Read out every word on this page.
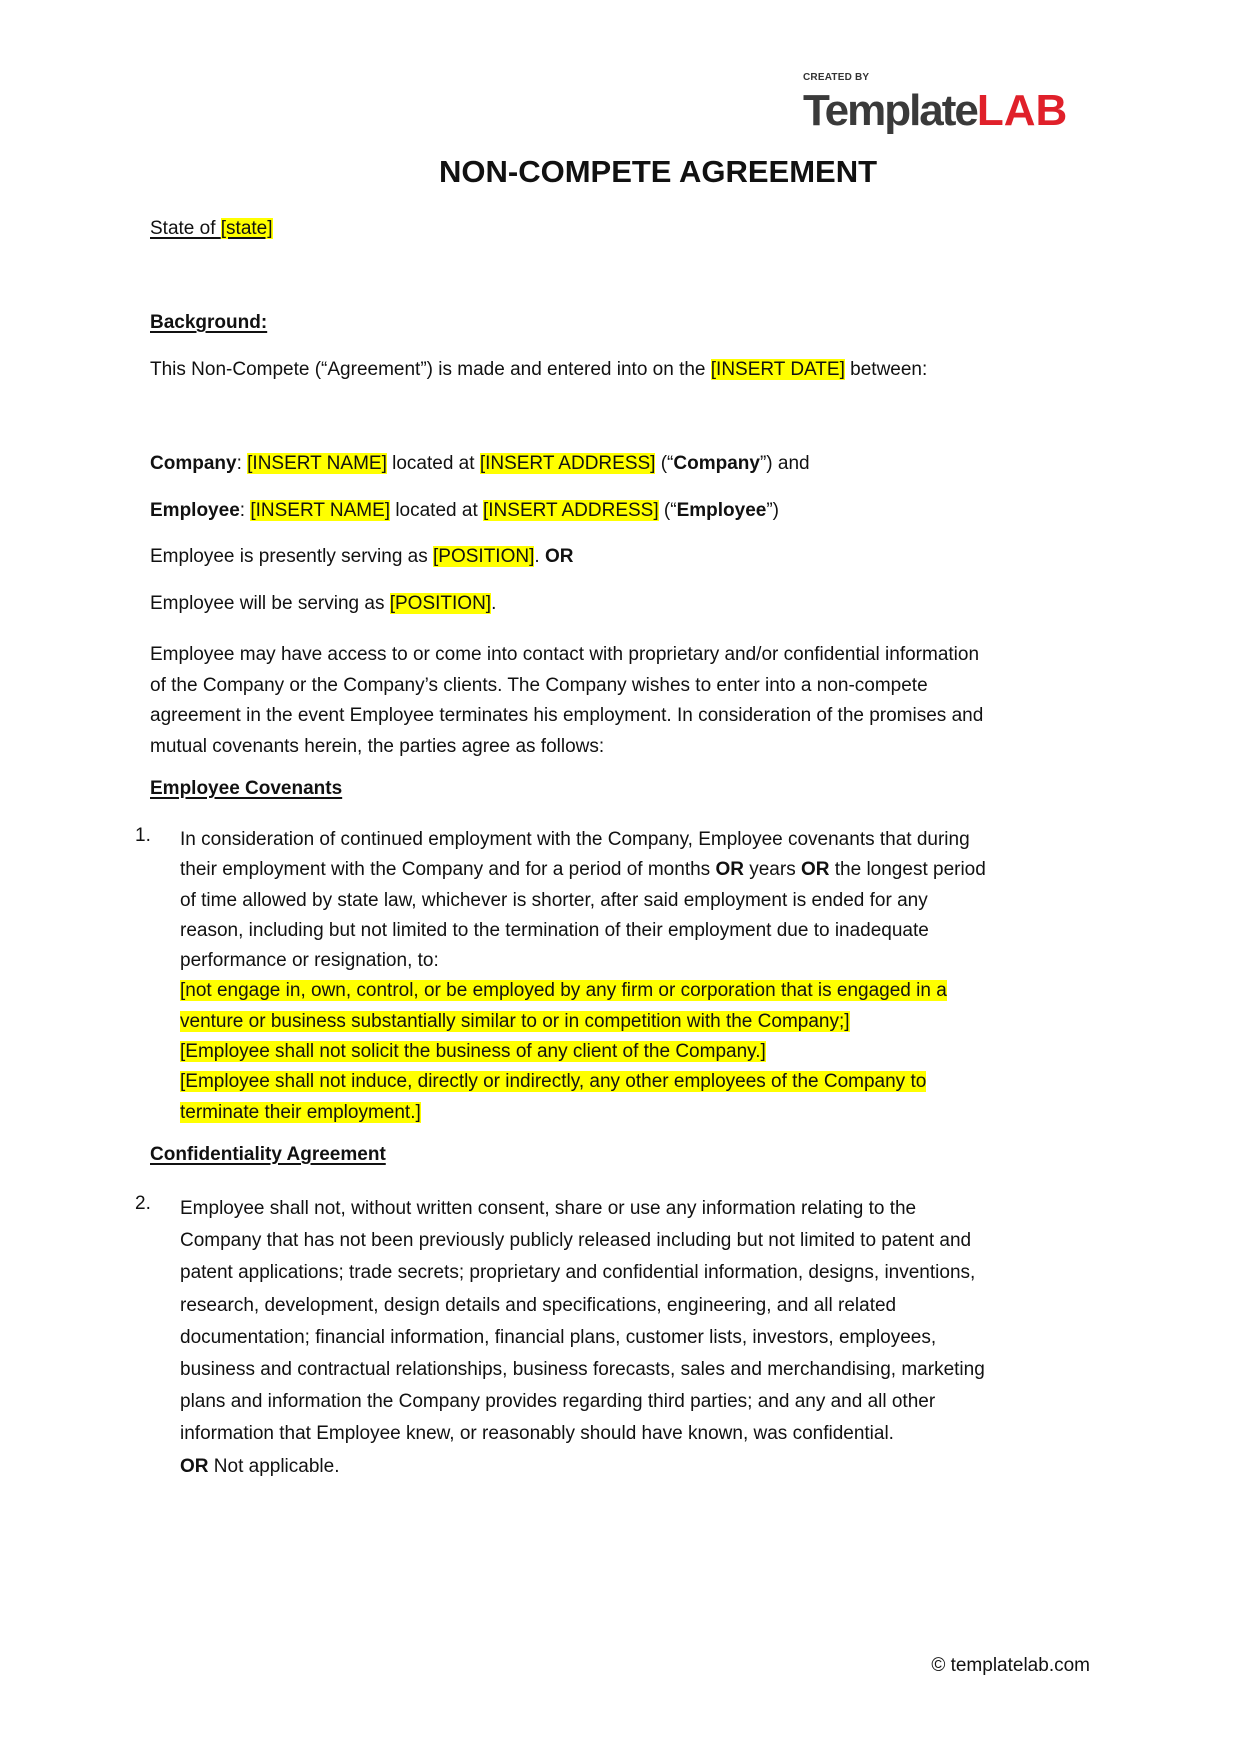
CREATED BY
TemplateLAB
NON-COMPETE AGREEMENT
State of [state]
Background:
This Non-Compete (“Agreement”) is made and entered into on the [INSERT DATE] between:
Company: [INSERT NAME] located at [INSERT ADDRESS] (“Company”) and
Employee: [INSERT NAME] located at [INSERT ADDRESS] (“Employee”)
Employee is presently serving as [POSITION]. OR
Employee will be serving as [POSITION].
Employee may have access to or come into contact with proprietary and/or confidential information
of the Company or the Company’s clients. The Company wishes to enter into a non-compete
agreement in the event Employee terminates his employment. In consideration of the promises and
mutual covenants herein, the parties agree as follows:
Employee Covenants
1. In consideration of continued employment with the Company, Employee covenants that during
their employment with the Company and for a period of months OR years OR the longest period
of time allowed by state law, whichever is shorter, after said employment is ended for any
reason, including but not limited to the termination of their employment due to inadequate
performance or resignation, to:
[not engage in, own, control, or be employed by any firm or corporation that is engaged in a
venture or business substantially similar to or in competition with the Company;]
[Employee shall not solicit the business of any client of the Company.]
[Employee shall not induce, directly or indirectly, any other employees of the Company to
terminate their employment.]
Confidentiality Agreement
2. Employee shall not, without written consent, share or use any information relating to the
Company that has not been previously publicly released including but not limited to patent and
patent applications; trade secrets; proprietary and confidential information, designs, inventions,
research, development, design details and specifications, engineering, and all related
documentation; financial information, financial plans, customer lists, investors, employees,
business and contractual relationships, business forecasts, sales and merchandising, marketing
plans and information the Company provides regarding third parties; and any and all other
information that Employee knew, or reasonably should have known, was confidential.
OR Not applicable.
© templatelab.com
